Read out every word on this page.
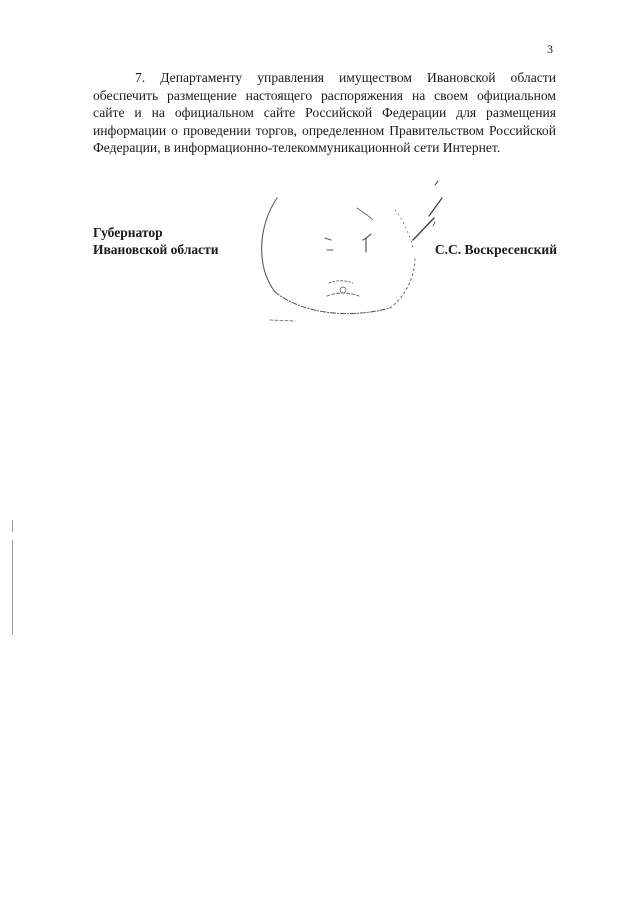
3

7. Департаменту управления имуществом Ивановской области обеспечить размещение настоящего распоряжения на своем официальном сайте и на официальном сайте Российской Федерации для размещения информации о проведении торгов, определенном Правительством Российской Федерации, в информационно-телекоммуникационной сети Интернет.

Губернатор
Ивановской области	С.С. Воскресенский
